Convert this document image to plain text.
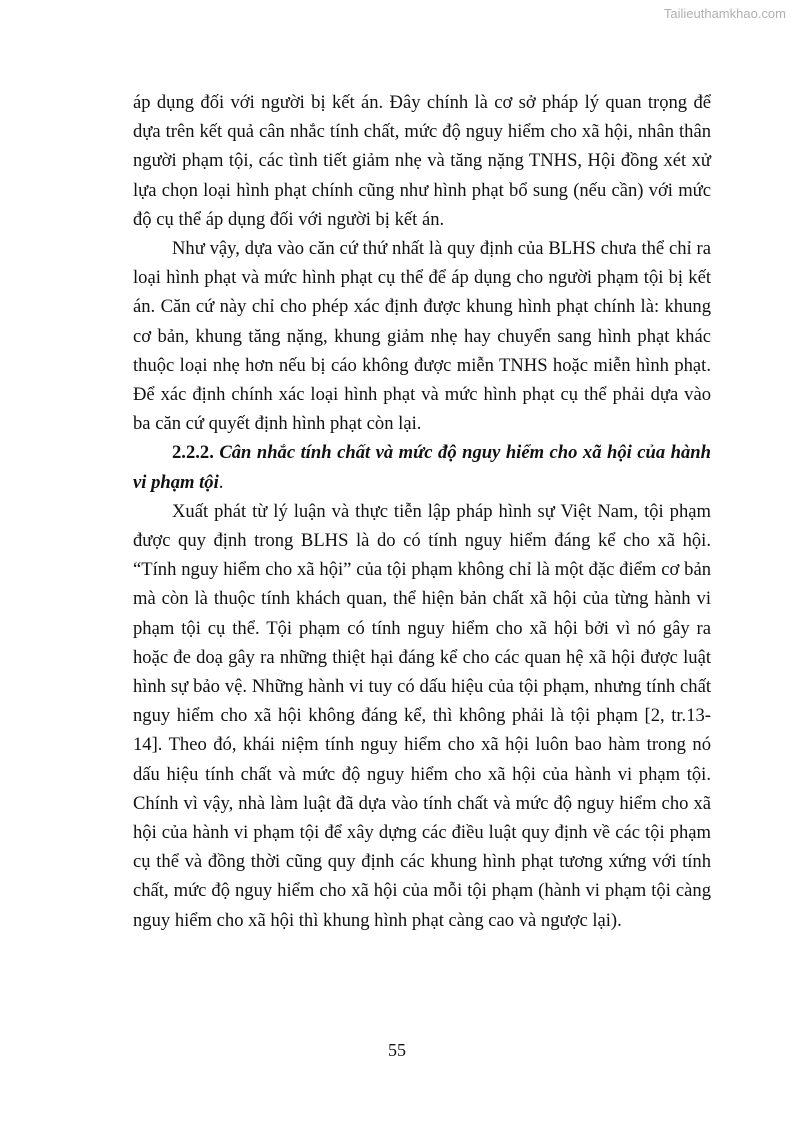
Tailieuthamkhao.com

áp dụng đối với người bị kết án. Đây chính là cơ sở pháp lý quan trọng để dựa trên kết quả cân nhắc tính chất, mức độ nguy hiểm cho xã hội, nhân thân người phạm tội, các tình tiết giảm nhẹ và tăng nặng TNHS, Hội đồng xét xử lựa chọn loại hình phạt chính cũng như hình phạt bổ sung (nếu cần) với mức độ cụ thể áp dụng đối với người bị kết án.

Như vậy, dựa vào căn cứ thứ nhất là quy định của BLHS chưa thể chỉ ra loại hình phạt và mức hình phạt cụ thể để áp dụng cho người phạm tội bị kết án. Căn cứ này chỉ cho phép xác định được khung hình phạt chính là: khung cơ bản, khung tăng nặng, khung giảm nhẹ hay chuyển sang hình phạt khác thuộc loại nhẹ hơn nếu bị cáo không được miễn TNHS hoặc miễn hình phạt. Để xác định chính xác loại hình phạt và mức hình phạt cụ thể phải dựa vào ba căn cứ quyết định hình phạt còn lại.

2.2.2. Cân nhắc tính chất và mức độ nguy hiểm cho xã hội của hành vi phạm tội.

Xuất phát từ lý luận và thực tiễn lập pháp hình sự Việt Nam, tội phạm được quy định trong BLHS là do có tính nguy hiểm đáng kể cho xã hội. “Tính nguy hiểm cho xã hội” của tội phạm không chỉ là một đặc điểm cơ bản mà còn là thuộc tính khách quan, thể hiện bản chất xã hội của từng hành vi phạm tội cụ thể. Tội phạm có tính nguy hiểm cho xã hội bởi vì nó gây ra hoặc đe doạ gây ra những thiệt hại đáng kể cho các quan hệ xã hội được luật hình sự bảo vệ. Những hành vi tuy có dấu hiệu của tội phạm, nhưng tính chất nguy hiểm cho xã hội không đáng kể, thì không phải là tội phạm [2, tr.13-14]. Theo đó, khái niệm tính nguy hiểm cho xã hội luôn bao hàm trong nó dấu hiệu tính chất và mức độ nguy hiểm cho xã hội của hành vi phạm tội. Chính vì vậy, nhà làm luật đã dựa vào tính chất và mức độ nguy hiểm cho xã hội của hành vi phạm tội để xây dựng các điều luật quy định về các tội phạm cụ thể và đồng thời cũng quy định các khung hình phạt tương xứng với tính chất, mức độ nguy hiểm cho xã hội của mỗi tội phạm (hành vi phạm tội càng nguy hiểm cho xã hội thì khung hình phạt càng cao và ngược lại).

55
